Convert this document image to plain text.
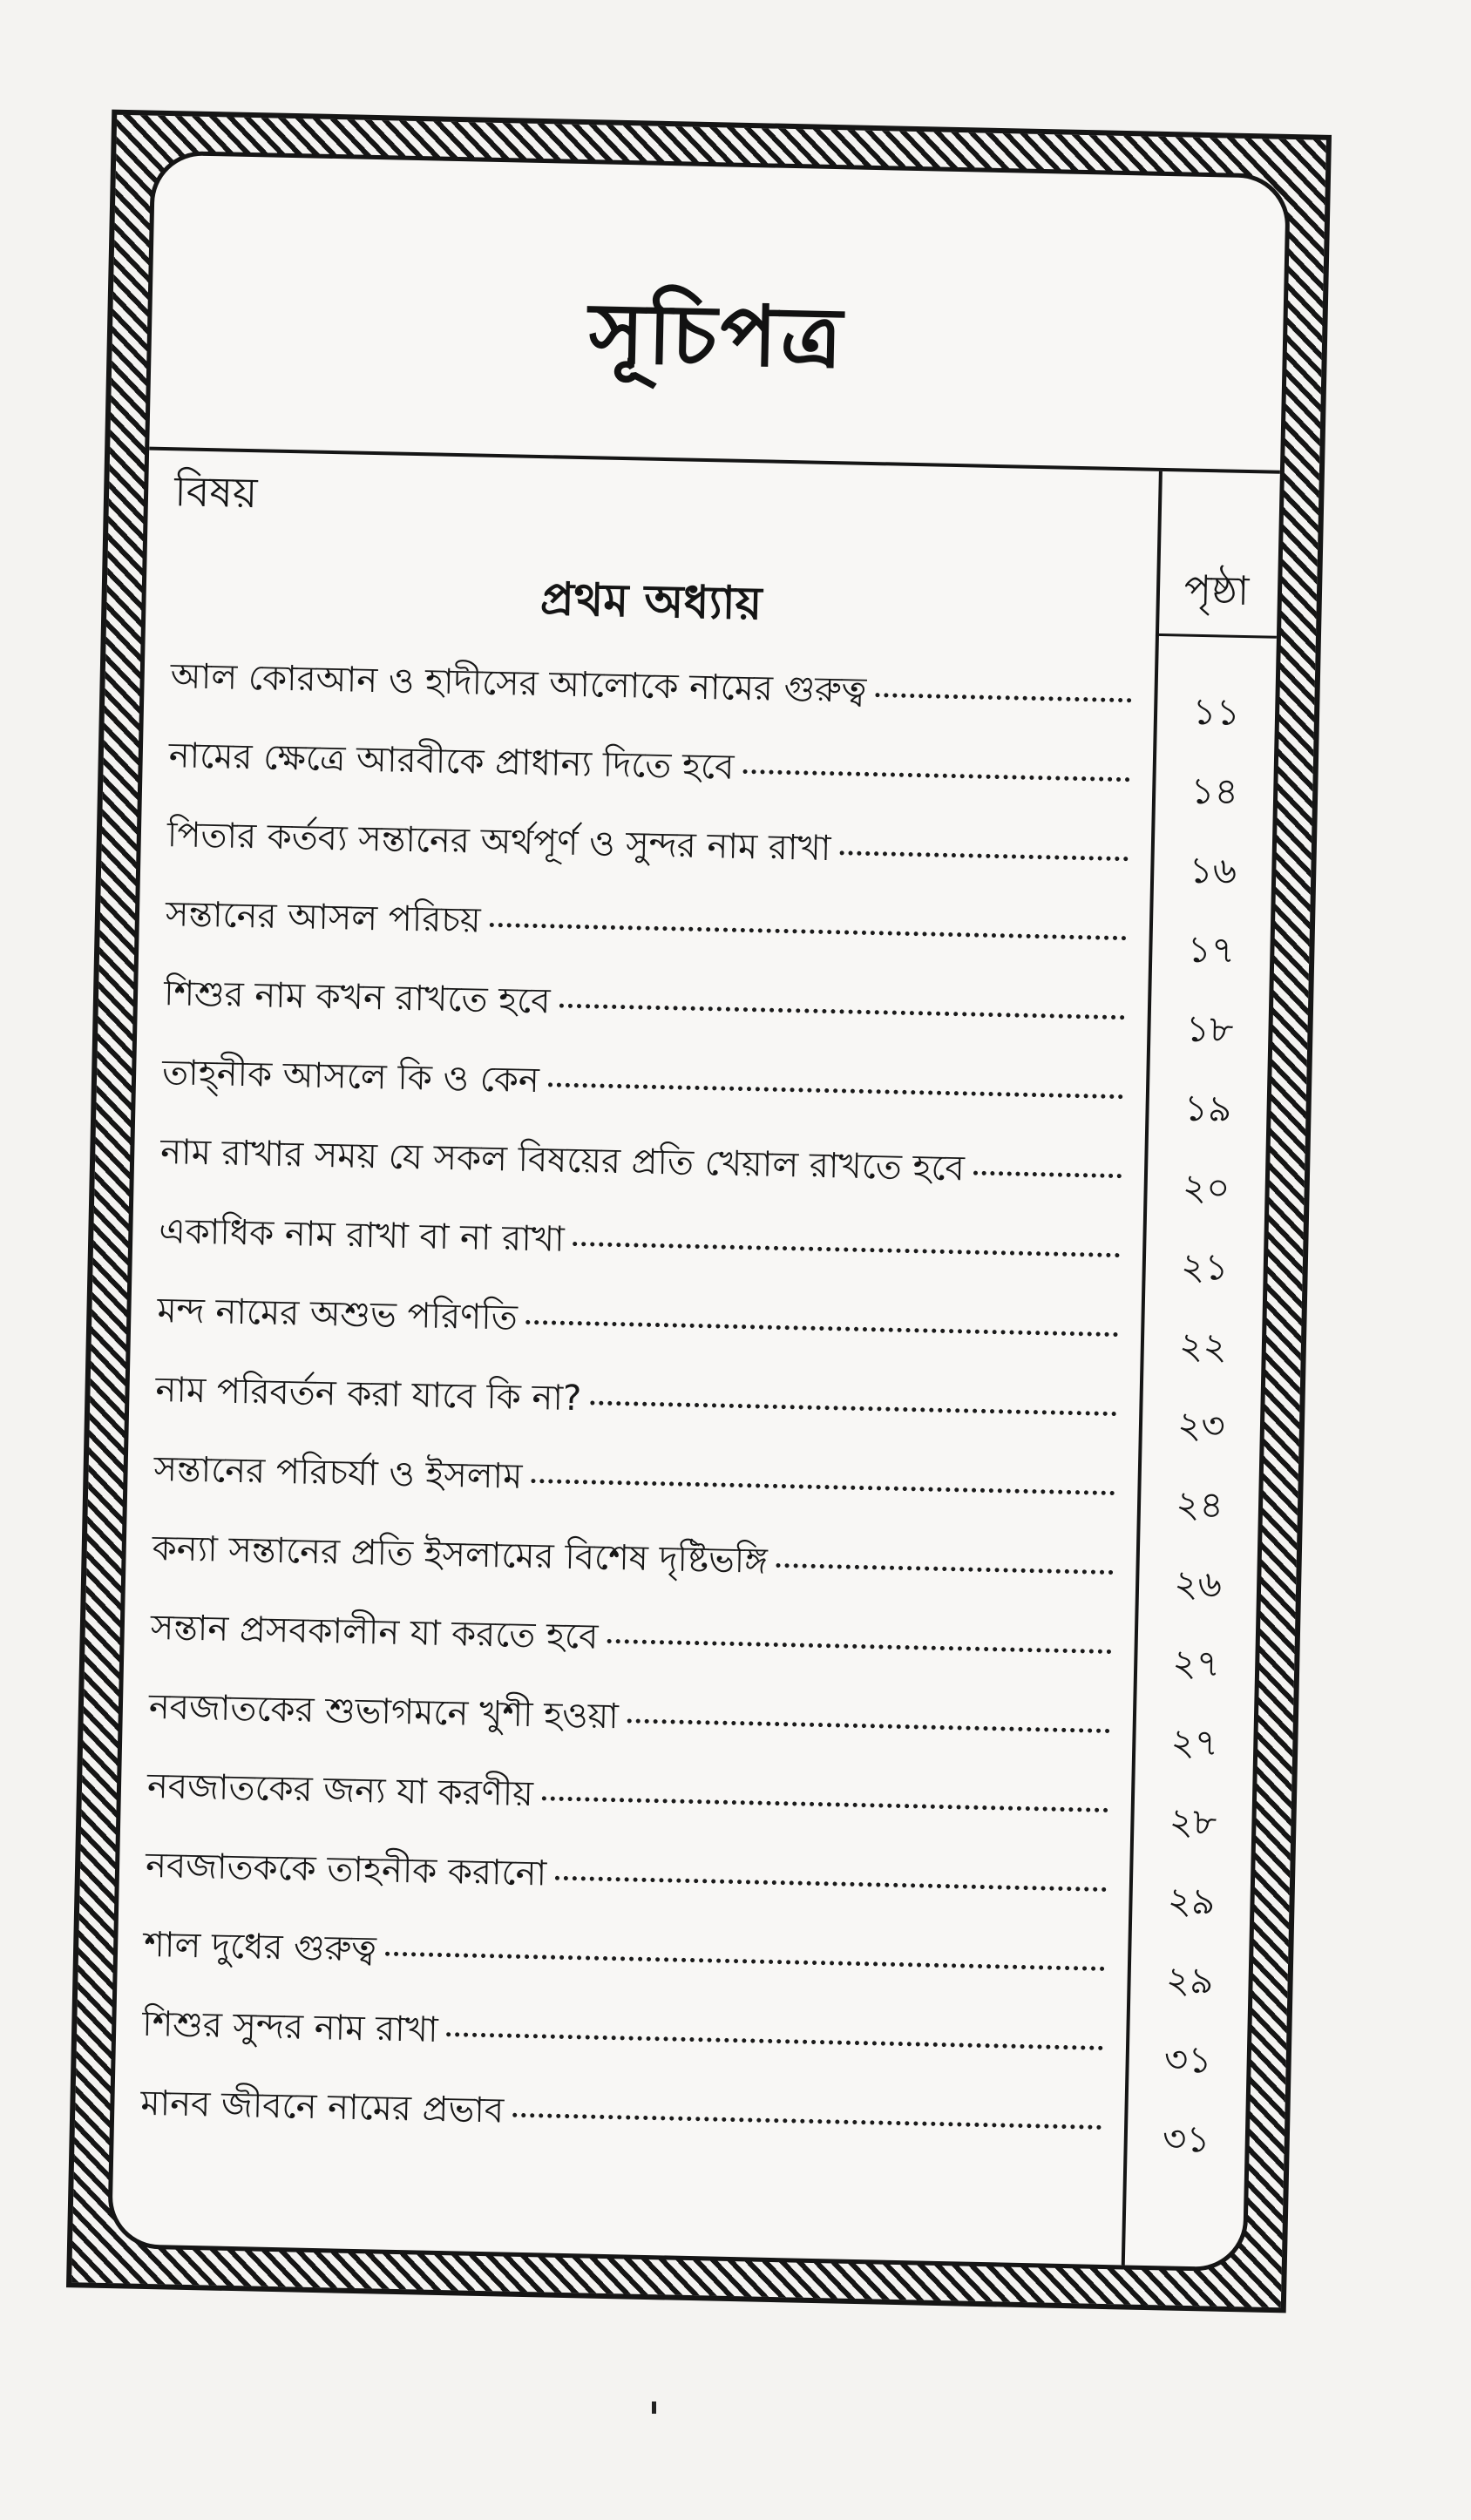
সূচিপত্র
বিষয়
পৃষ্ঠা
প্রথম অধ্যায়
আল কোরআন ও হাদীসের আলোকে নামের গুরুত্ব
১১
নামের ক্ষেত্রে আরবীকে প্রাধান্য দিতে হবে
১৪
পিতার কর্তব্য সন্তানের অর্থপূর্ণ ও সুন্দর নাম রাখা
১৬
সন্তানের আসল পরিচয়
১৭
শিশুর নাম কখন রাখতে হবে
১৮
তাহ্‌নীক আসলে কি ও কেন
১৯
নাম রাখার সময় যে সকল বিষয়ের প্রতি খেয়াল রাখতে হবে	২০
একাধিক নাম রাখা বা না রাখা
২১
মন্দ নামের অশুভ পরিণতি
২২
নাম পরিবর্তন করা যাবে কি না?
২৩
সন্তানের পরিচর্যা ও ইসলাম
২৪
কন্যা সন্তানের প্রতি ইসলামের বিশেষ দৃষ্টিভঙ্গি
২৬
সন্তান প্রসবকালীন যা করতে হবে
২৭
নবজাতকের শুভাগমনে খুশী হওয়া
২৭
নবজাতকের জন্য যা করণীয়
২৮
নবজাতককে তাহনীক করানো
২৯
শাল দুধের গুরুত্ব
২৯
শিশুর সুন্দর নাম রাখা
৩১
মানব জীবনে নামের প্রভাব
৩১
